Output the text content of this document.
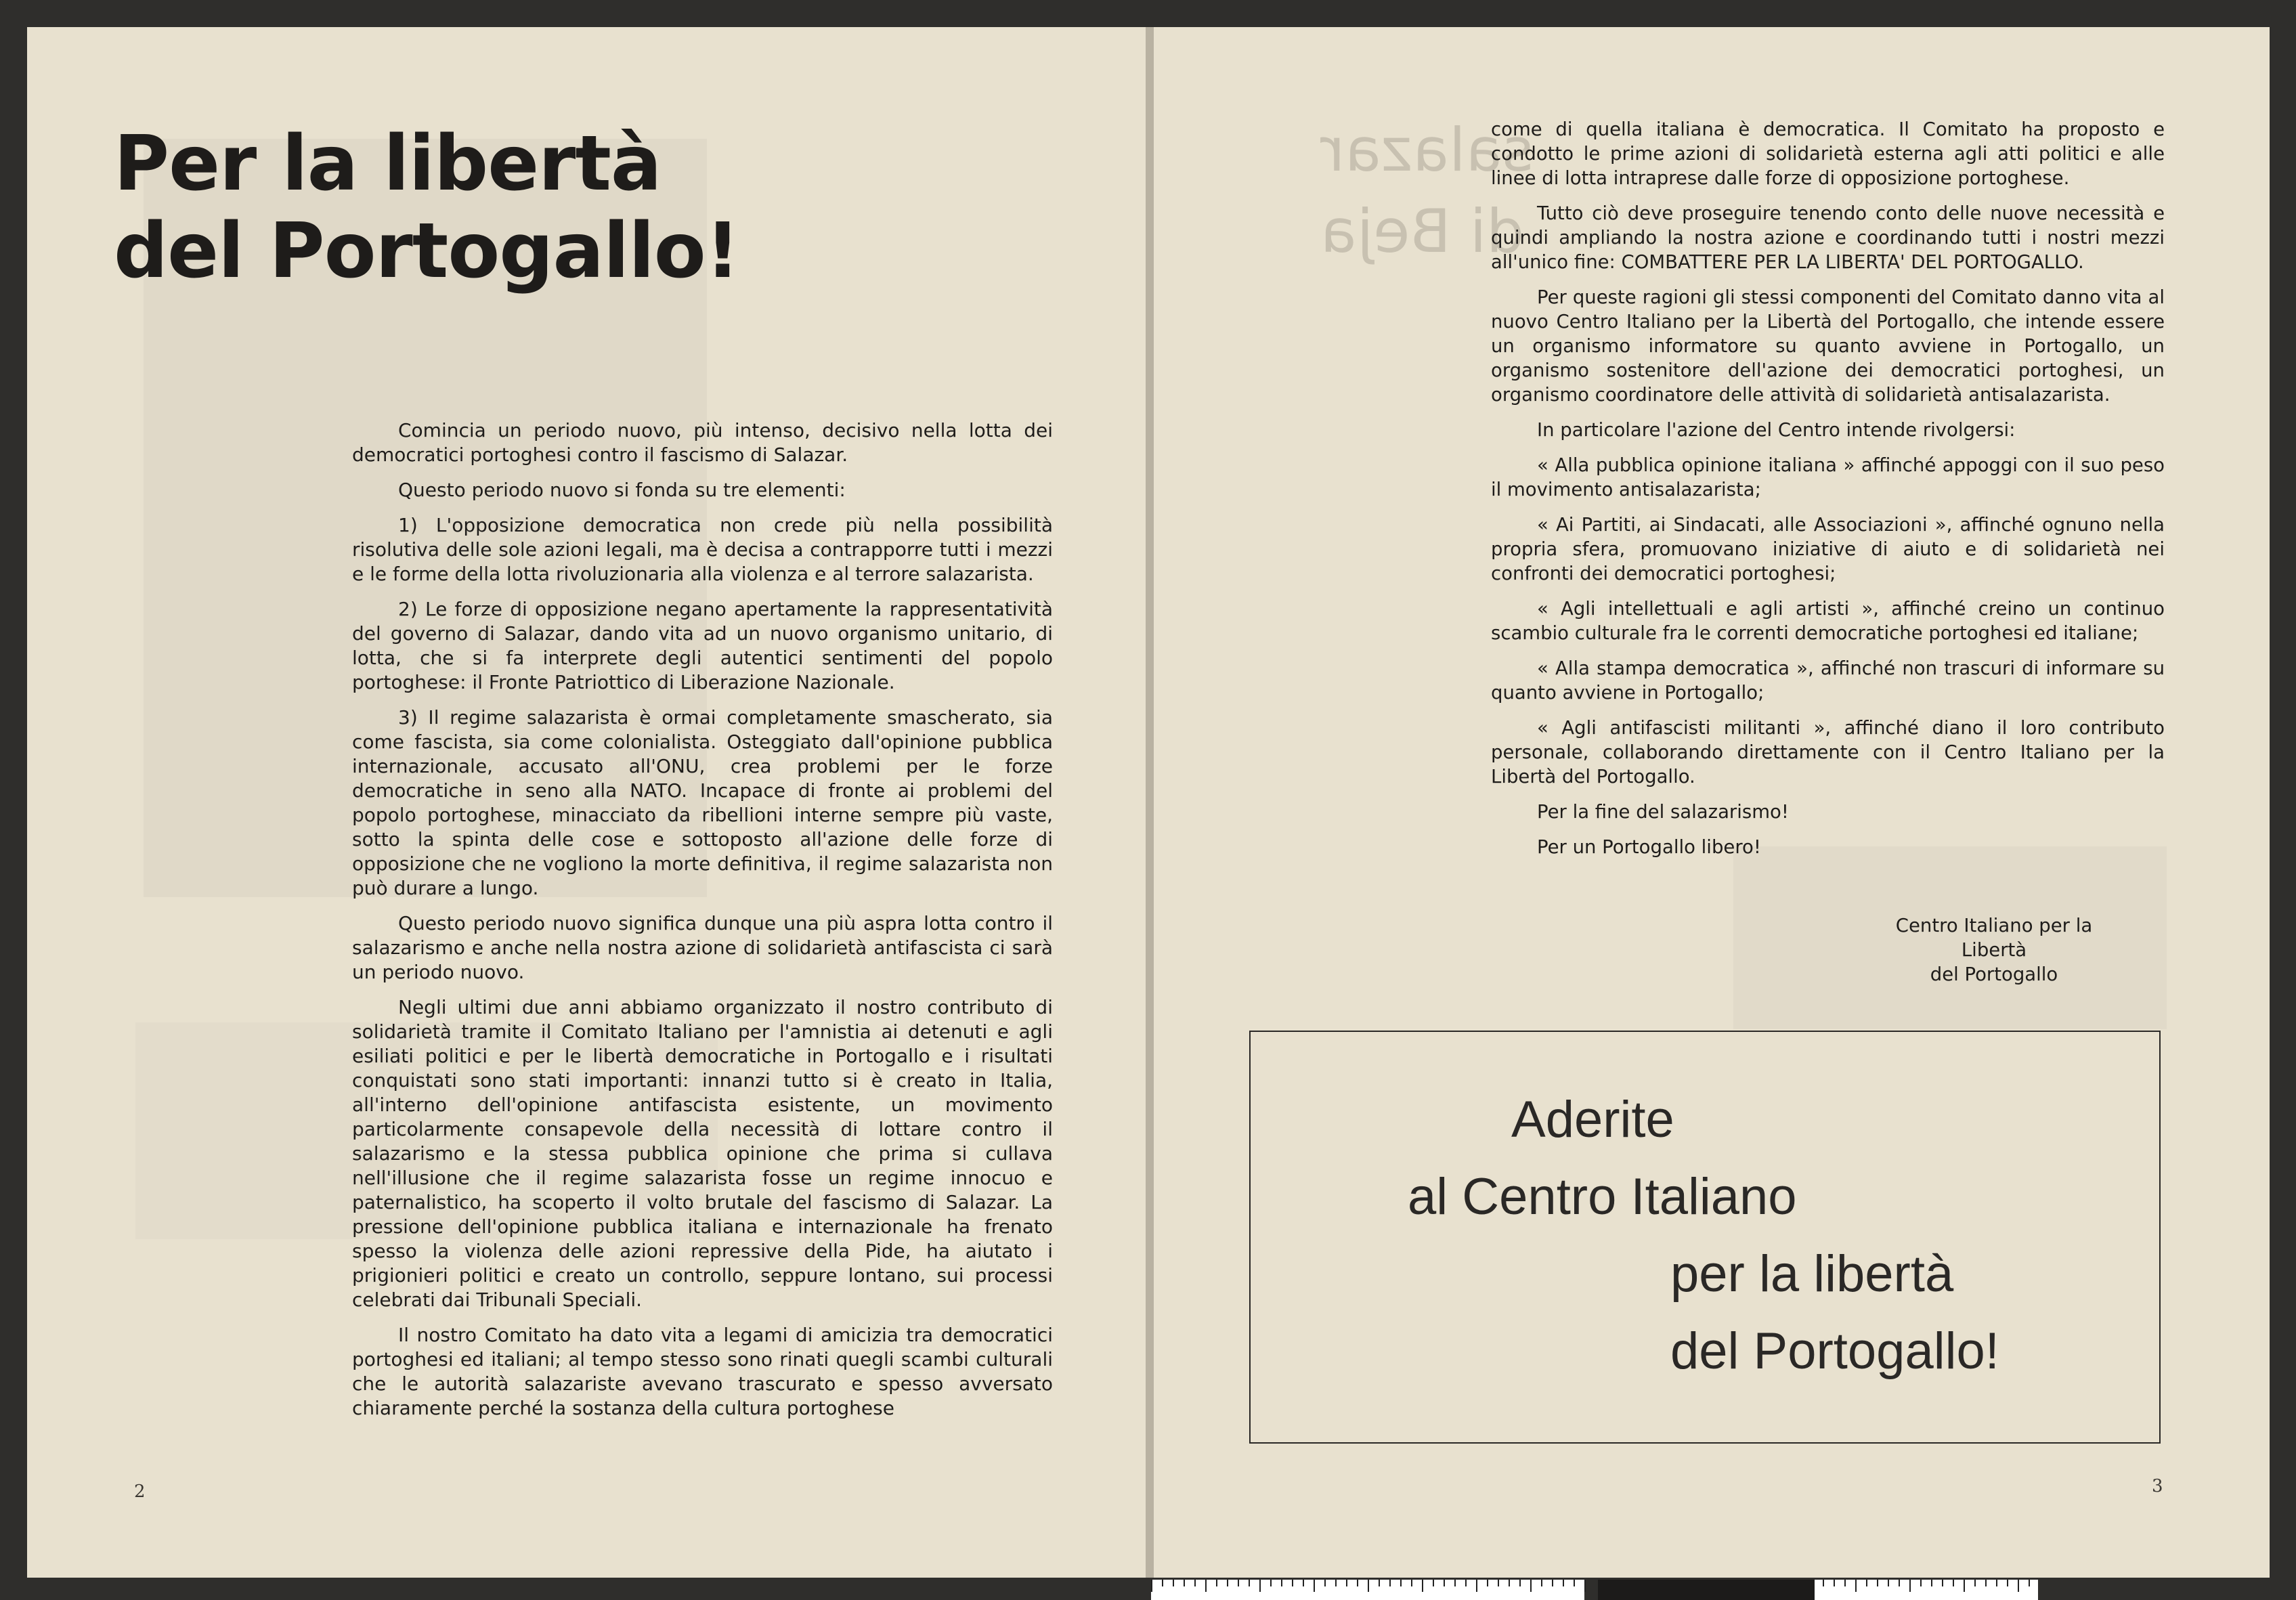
Per la libertà
del Portogallo!

Comincia un periodo nuovo, più intenso, decisivo nella lotta dei democratici portoghesi contro il fascismo di Salazar.

Questo periodo nuovo si fonda su tre elementi:

1) L'opposizione democratica non crede più nella possibilità risolutiva delle sole azioni legali, ma è decisa a contrapporre tutti i mezzi e le forme della lotta rivoluzionaria alla violenza e al terrore salazarista.

2) Le forze di opposizione negano apertamente la rappresentatività del governo di Salazar, dando vita ad un nuovo organismo unitario, di lotta, che si fa interprete degli autentici sentimenti del popolo portoghese: il Fronte Patriottico di Liberazione Nazionale.

3) Il regime salazarista è ormai completamente smascherato, sia come fascista, sia come colonialista. Osteggiato dall'opinione pubblica internazionale, accusato all'ONU, crea problemi per le forze democratiche in seno alla NATO. Incapace di fronte ai problemi del popolo portoghese, minacciato da ribellioni interne sempre più vaste, sotto la spinta delle cose e sottoposto all'azione delle forze di opposizione che ne vogliono la morte definitiva, il regime salazarista non può durare a lungo.

Questo periodo nuovo significa dunque una più aspra lotta contro il salazarismo e anche nella nostra azione di solidarietà antifascista ci sarà un periodo nuovo.

Negli ultimi due anni abbiamo organizzato il nostro contributo di solidarietà tramite il Comitato Italiano per l'amnistia ai detenuti e agli esiliati politici e per le libertà democratiche in Portogallo e i risultati conquistati sono stati importanti: innanzi tutto si è creato in Italia, all'interno dell'opinione antifascista esistente, un movimento particolarmente consapevole della necessità di lottare contro il salazarismo e la stessa pubblica opinione che prima si cullava nell'illusione che il regime salazarista fosse un regime innocuo e paternalistico, ha scoperto il volto brutale del fascismo di Salazar. La pressione dell'opinione pubblica italiana e internazionale ha frenato spesso la violenza delle azioni repressive della Pide, ha aiutato i prigionieri politici e creato un controllo, seppure lontano, sui processi celebrati dai Tribunali Speciali.

Il nostro Comitato ha dato vita a legami di amicizia tra democratici portoghesi ed italiani; al tempo stesso sono rinati quegli scambi culturali che le autorità salazariste avevano trascurato e spesso avversato chiaramente perché la sostanza della cultura portoghese

2
salazar
di Beja

come di quella italiana è democratica. Il Comitato ha proposto e condotto le prime azioni di solidarietà esterna agli atti politici e alle linee di lotta intraprese dalle forze di opposizione portoghese.

Tutto ciò deve proseguire tenendo conto delle nuove necessità e quindi ampliando la nostra azione e coordinando tutti i nostri mezzi all'unico fine: COMBATTERE PER LA LIBERTA' DEL PORTOGALLO.

Per queste ragioni gli stessi componenti del Comitato danno vita al nuovo Centro Italiano per la Libertà del Portogallo, che intende essere un organismo informatore su quanto avviene in Portogallo, un organismo sostenitore dell'azione dei democratici portoghesi, un organismo coordinatore delle attività di solidarietà antisalazarista.

In particolare l'azione del Centro intende rivolgersi:

« Alla pubblica opinione italiana » affinché appoggi con il suo peso il movimento antisalazarista;

« Ai Partiti, ai Sindacati, alle Associazioni », affinché ognuno nella propria sfera, promuovano iniziative di aiuto e di solidarietà nei confronti dei democratici portoghesi;

« Agli intellettuali e agli artisti », affinché creino un continuo scambio culturale fra le correnti democratiche portoghesi ed italiane;

« Alla stampa democratica », affinché non trascuri di informare su quanto avviene in Portogallo;

« Agli antifascisti militanti », affinché diano il loro contributo personale, collaborando direttamente con il Centro Italiano per la Libertà del Portogallo.

Per la fine del salazarismo!

Per un Portogallo libero!

Centro Italiano per la Libertà
del Portogallo
Aderite
al Centro Italiano
per la libertà
del Portogallo!
3
